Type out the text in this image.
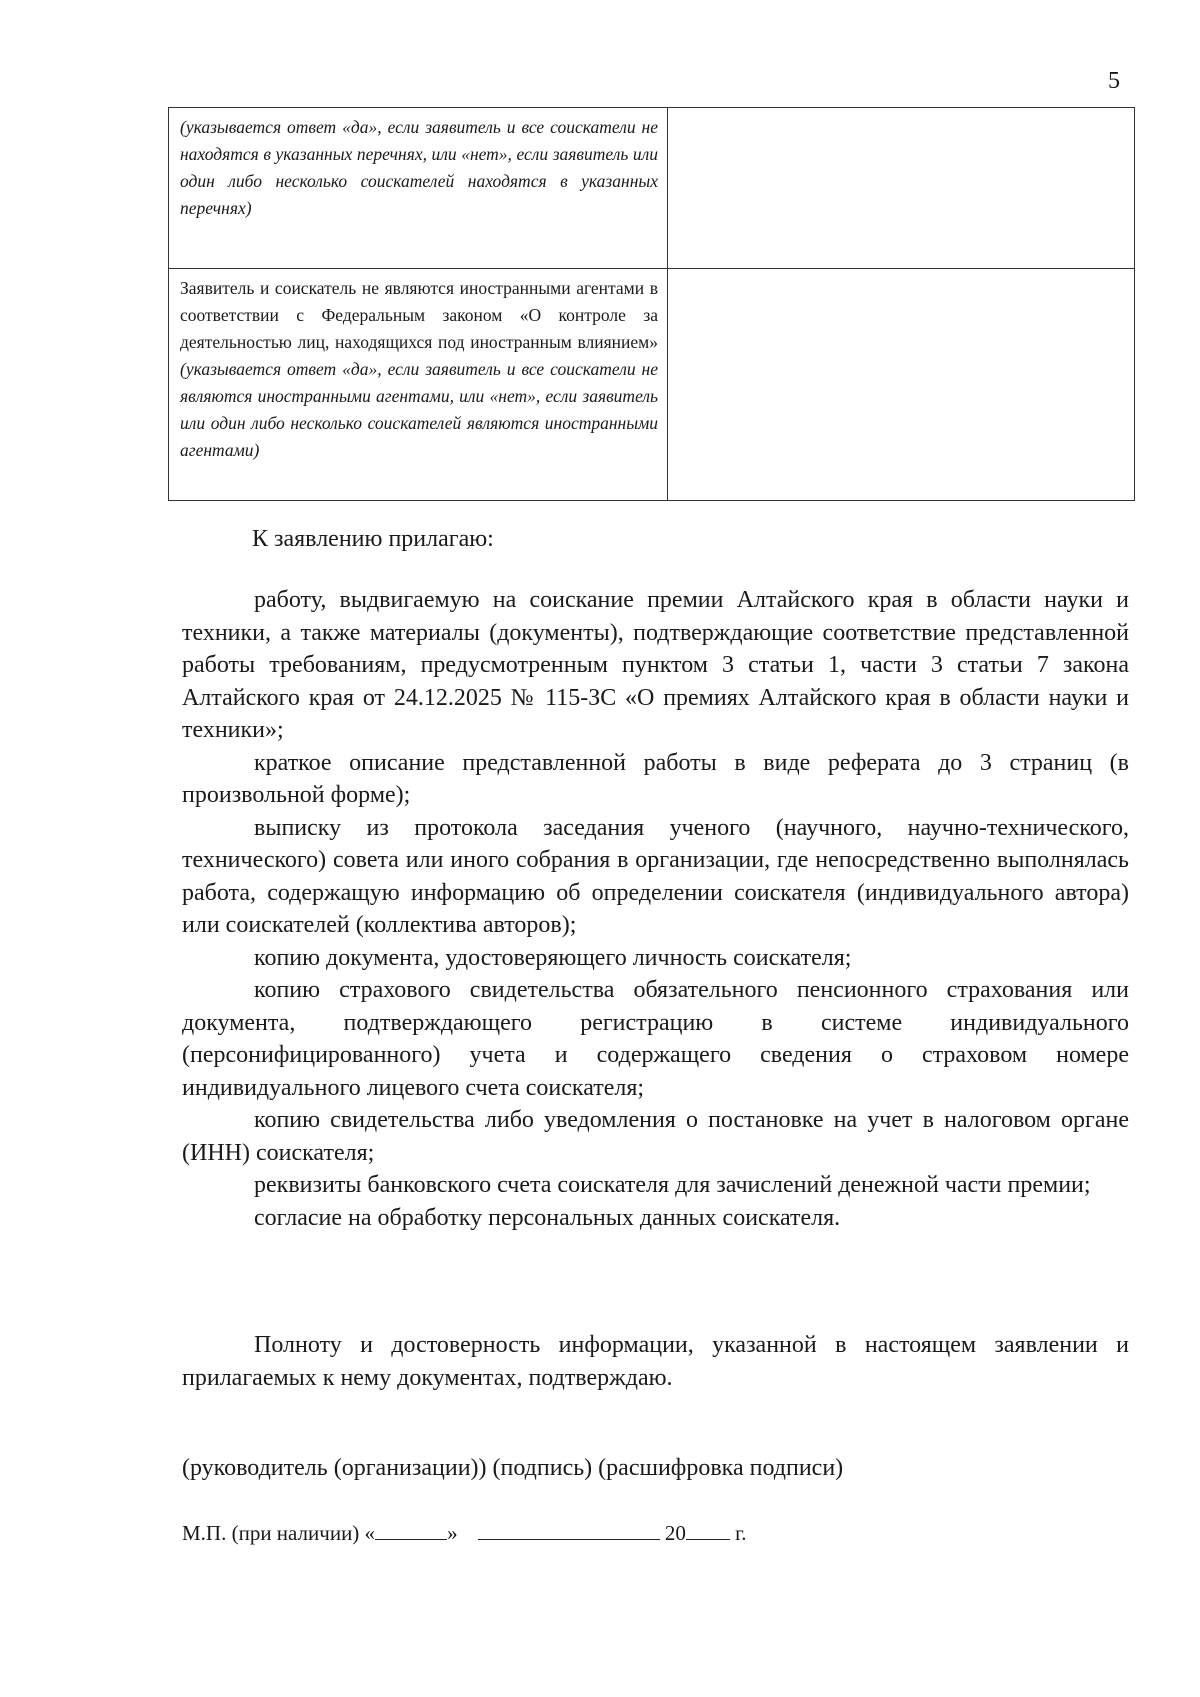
5
(указывается ответ «да», если заявитель и все соискатели не находятся в указанных перечнях, или «нет», если заявитель или один либо несколько соискателей находятся в указанных перечнях)	
Заявитель и соискатель не являются иностранными агентами в соответствии с Федеральным законом «О контроле за деятельностью лиц, находящихся под иностранным влиянием» (указывается ответ «да», если заявитель и все соискатели не являются иностранными агентами, или «нет», если заявитель или один либо несколько соискателей являются иностранными агентами)	
К заявлению прилагаю:

работу, выдвигаемую на соискание премии Алтайского края в области науки и техники, а также материалы (документы), подтверждающие соответствие представленной работы требованиям, предусмотренным пунктом 3 статьи 1, части 3 статьи 7 закона Алтайского края от 24.12.2025 № 115-ЗС «О премиях Алтайского края в области науки и техники»;

краткое описание представленной работы в виде реферата до 3 страниц (в произвольной форме);

выписку из протокола заседания ученого (научного, научно-технического, технического) совета или иного собрания в организации, где непосредственно выполнялась работа, содержащую информацию об определении соискателя (индивидуального автора) или соискателей (коллектива авторов);

копию документа, удостоверяющего личность соискателя;

копию страхового свидетельства обязательного пенсионного страхования или документа, подтверждающего регистрацию в системе индивидуального (персонифицированного) учета и содержащего сведения о страховом номере индивидуального лицевого счета соискателя;

копию свидетельства либо уведомления о постановке на учет в налоговом органе (ИНН) соискателя;

реквизиты банковского счета соискателя для зачислений денежной части премии;

согласие на обработку персональных данных соискателя.

Полноту и достоверность информации, указанной в настоящем заявлении и прилагаемых к нему документах, подтверждаю.

(руководитель (организации)) (подпись) (расшифровка подписи)
М.П. (при наличии) «	»	20 г.
